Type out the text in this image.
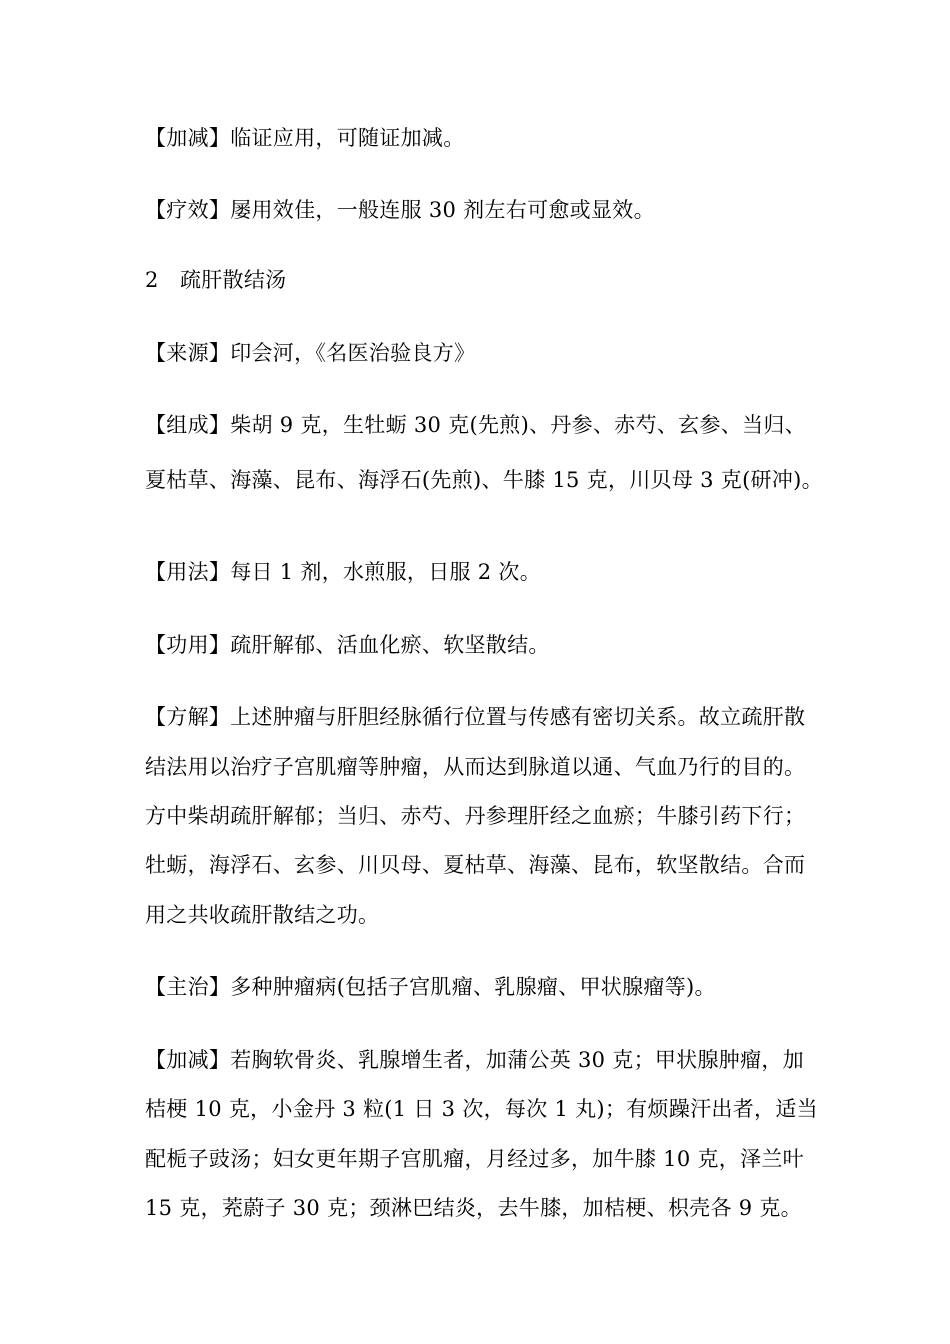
【加减】临证应用，可随证加减。
【疗效】屡用效佳，一般连服 30 剂左右可愈或显效。
2　疏肝散结汤
【来源】印会河，《名医治验良方》
【组成】柴胡 9 克，生牡蛎 30 克(先煎)、丹参、赤芍、玄参、当归、
夏枯草、海藻、昆布、海浮石(先煎)、牛膝 15 克，川贝母 3 克(研冲)。
【用法】每日 1 剂，水煎服，日服 2 次。
【功用】疏肝解郁、活血化瘀、软坚散结。
【方解】上述肿瘤与肝胆经脉循行位置与传感有密切关系。故立疏肝散
结法用以治疗子宫肌瘤等肿瘤，从而达到脉道以通、气血乃行的目的。
方中柴胡疏肝解郁；当归、赤芍、丹参理肝经之血瘀；牛膝引药下行；
牡蛎，海浮石、玄参、川贝母、夏枯草、海藻、昆布，软坚散结。合而
用之共收疏肝散结之功。
【主治】多种肿瘤病(包括子宫肌瘤、乳腺瘤、甲状腺瘤等)。
【加减】若胸软骨炎、乳腺增生者，加蒲公英 30 克；甲状腺肿瘤，加
桔梗 10 克，小金丹 3 粒(1 日 3 次，每次 1 丸)；有烦躁汗出者，适当
配栀子豉汤；妇女更年期子宫肌瘤，月经过多，加牛膝 10 克，泽兰叶
15 克，茺蔚子 30 克；颈淋巴结炎，去牛膝，加桔梗、枳壳各 9 克。
